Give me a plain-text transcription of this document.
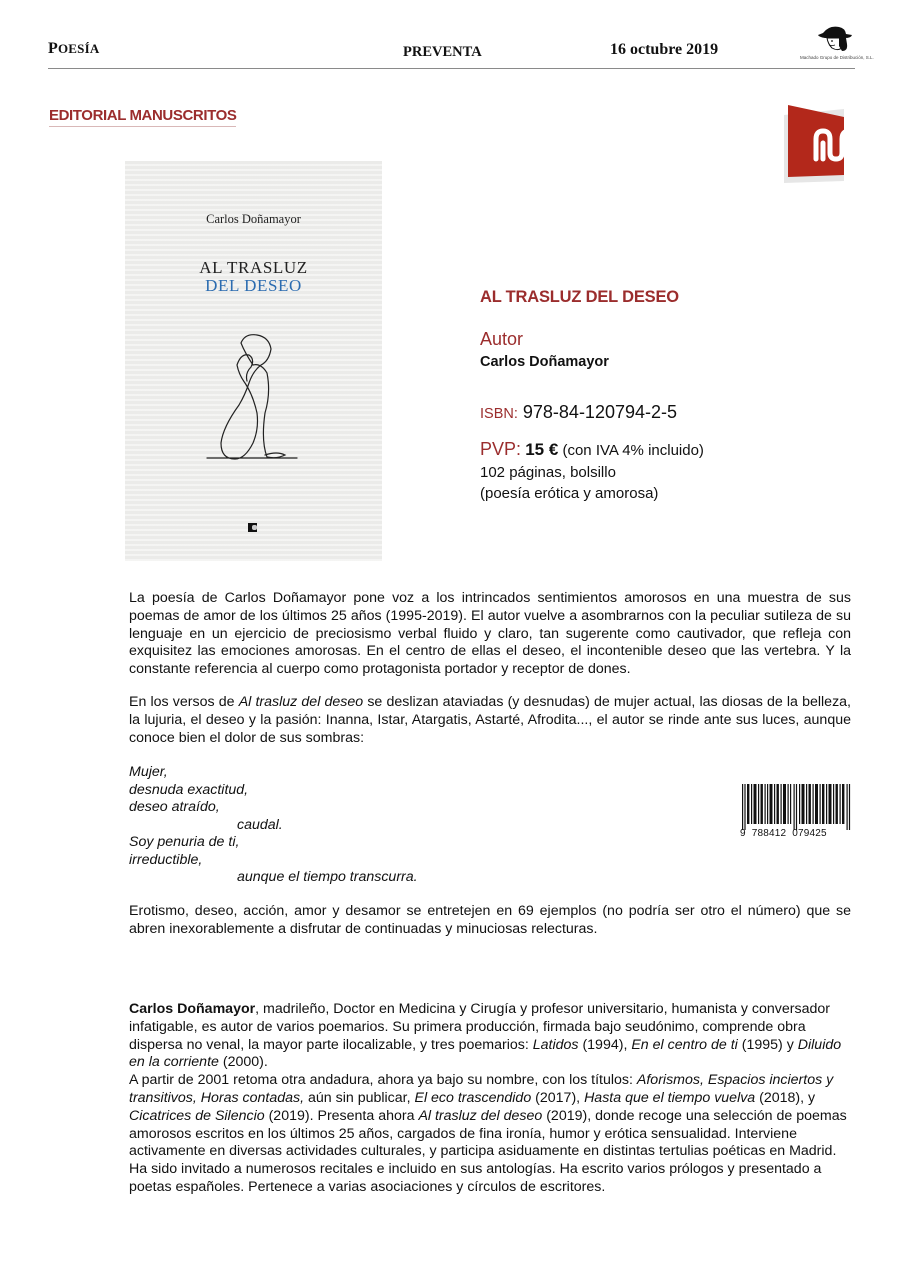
POESÍA	PREVENTA	16 octubre 2019	Machado Grupo de Distribución, S.L.
EDITORIAL MANUSCRITOS
Carlos Doñamayor
AL TRASLUZ
DEL DESEO
AL TRASLUZ DEL DESEO
Autor
Carlos Doñamayor
ISBN: 978-84-120794-2-5
PVP: 15 € (con IVA 4% incluido)
102 páginas, bolsillo
(poesía erótica y amorosa)
La poesía de Carlos Doñamayor pone voz a los intrincados sentimientos amorosos en una muestra de sus poemas de amor de los últimos 25 años (1995-2019). El autor vuelve a asombrarnos con la peculiar sutileza de su lenguaje en un ejercicio de preciosismo verbal fluido y claro, tan sugerente como cautivador, que refleja con exquisitez las emociones amorosas. En el centro de ellas el deseo, el incontenible deseo que las vertebra. Y la constante referencia al cuerpo como protagonista portador y receptor de dones.
En los versos de Al trasluz del deseo se deslizan ataviadas (y desnudas) de mujer actual, las diosas de la belleza, la lujuria, el deseo y la pasión: Inanna, Istar, Atargatis, Astarté, Afrodita..., el autor se rinde ante sus luces, aunque conoce bien el dolor de sus sombras:
Mujer,
desnuda exactitud,
deseo atraído,
caudal.
Soy penuria de ti,
irreductible,
aunque el tiempo transcurra.
9  788412  079425
Erotismo, deseo, acción, amor y desamor se entretejen en 69 ejemplos (no podría ser otro el número) que se abren inexorablemente a disfrutar de continuadas y minuciosas relecturas.
Carlos Doñamayor, madrileño, Doctor en Medicina y Cirugía y profesor universitario, humanista y conversador infatigable, es autor de varios poemarios. Su primera producción, firmada bajo seudónimo, comprende obra dispersa no venal, la mayor parte ilocalizable, y tres poemarios: Latidos (1994), En el centro de ti (1995) y Diluido en la corriente (2000).
A partir de 2001 retoma otra andadura, ahora ya bajo su nombre, con los títulos: Aforismos, Espacios inciertos y transitivos, Horas contadas, aún sin publicar, El eco trascendido (2017), Hasta que el tiempo vuelva (2018), y Cicatrices de Silencio (2019). Presenta ahora Al trasluz del deseo (2019), donde recoge una selección de poemas amorosos escritos en los últimos 25 años, cargados de fina ironía, humor y erótica sensualidad. Interviene activamente en diversas actividades culturales, y participa asiduamente en distintas tertulias poéticas en Madrid. Ha sido invitado a numerosos recitales e incluido en sus antologías. Ha escrito varios prólogos y presentado a poetas españoles. Pertenece a varias asociaciones y círculos de escritores.
